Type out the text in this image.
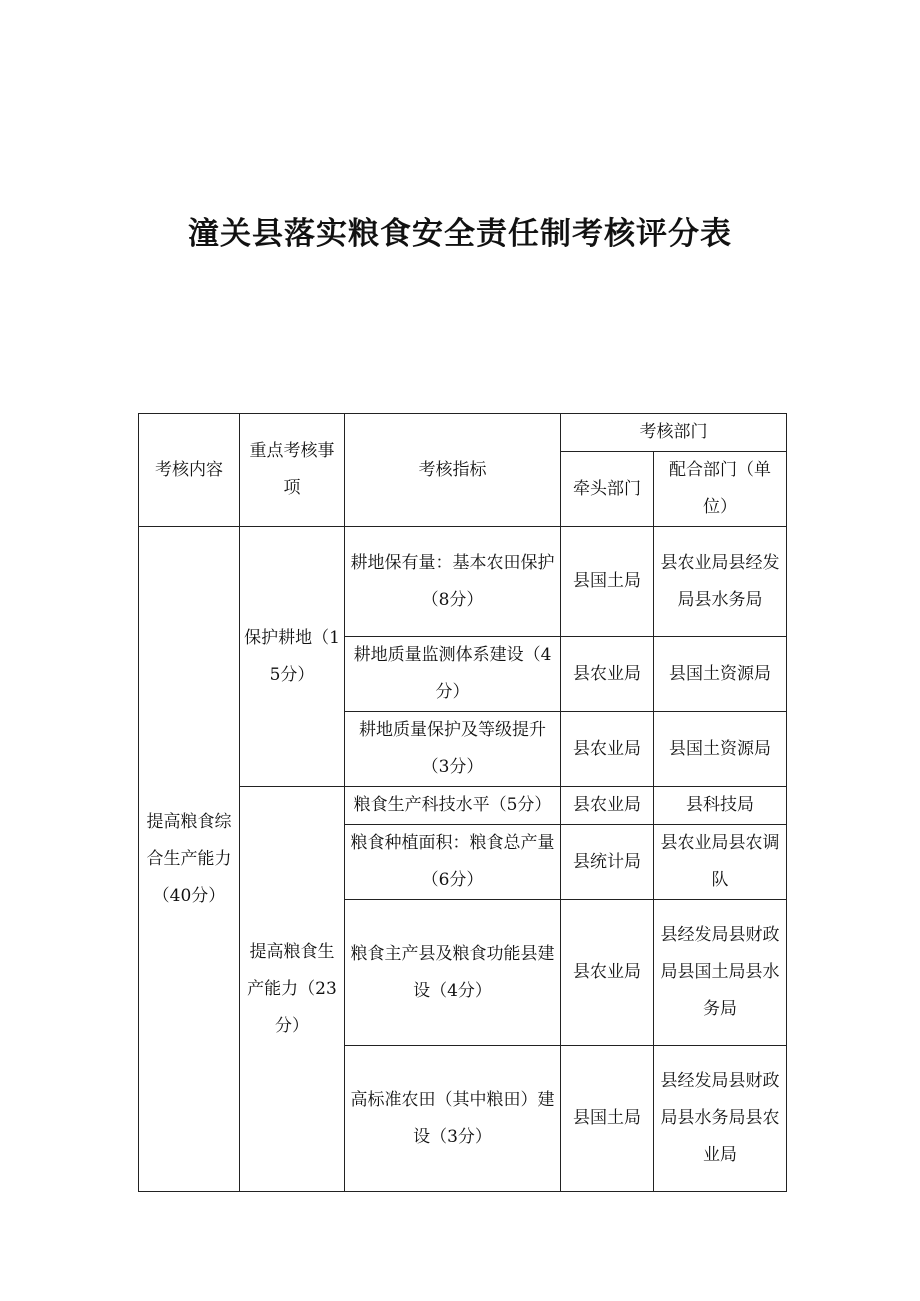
潼关县落实粮食安全责任制考核评分表
考核内容	重点考核事项	考核指标	考核部门	
			牵头部门	配合部门（单位）
提高粮食综合生产能力（40分）	保护耕地（15分）	耕地保有量：基本农田保护（8分）	县国土局	县农业局县经发局县水务局
		耕地质量监测体系建设（4分）	县农业局	县国土资源局
		耕地质量保护及等级提升（3分）	县农业局	县国土资源局
	提高粮食生产能力（23分）	粮食生产科技水平（5分）	县农业局	县科技局
		粮食种植面积：粮食总产量（6分）	县统计局	县农业局县农调队
		粮食主产县及粮食功能县建设（4分）	县农业局	县经发局县财政局县国土局县水务局
		高标准农田（其中粮田）建设（3分）	县国土局	县经发局县财政局县水务局县农业局
